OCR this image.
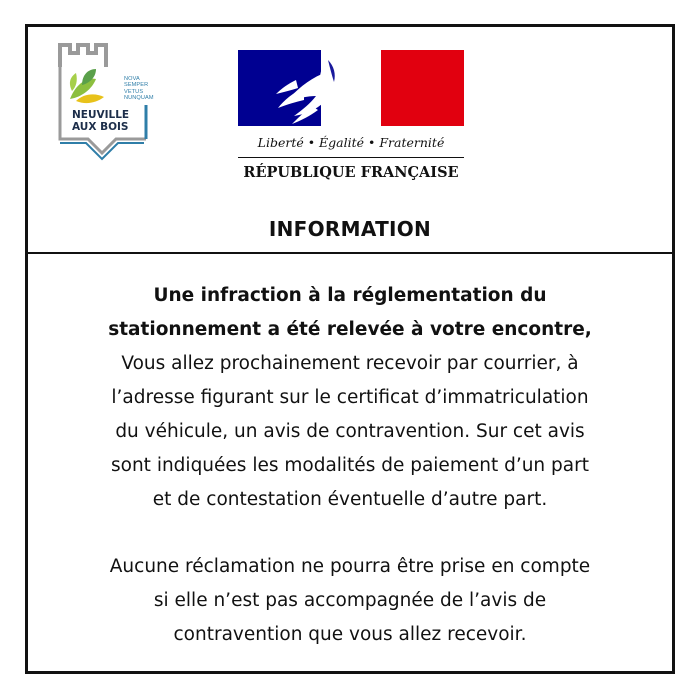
NOVA
SEMPER
VETUS
NUNQUAM
NEUVILLE
AUX BOIS
Liberté • Égalité • Fraternité
RÉPUBLIQUE FRANÇAISE
INFORMATION

Une infraction à la réglementation du

stationnement a été relevée à votre encontre,

Vous allez prochainement recevoir par courrier, à

l’adresse figurant sur le certificat d’immatriculation

du véhicule, un avis de contravention. Sur cet avis

sont indiquées les modalités de paiement d’un part

et de contestation éventuelle d’autre part.

Aucune réclamation ne pourra être prise en compte

si elle n’est pas accompagnée de l’avis de

contravention que vous allez recevoir.
